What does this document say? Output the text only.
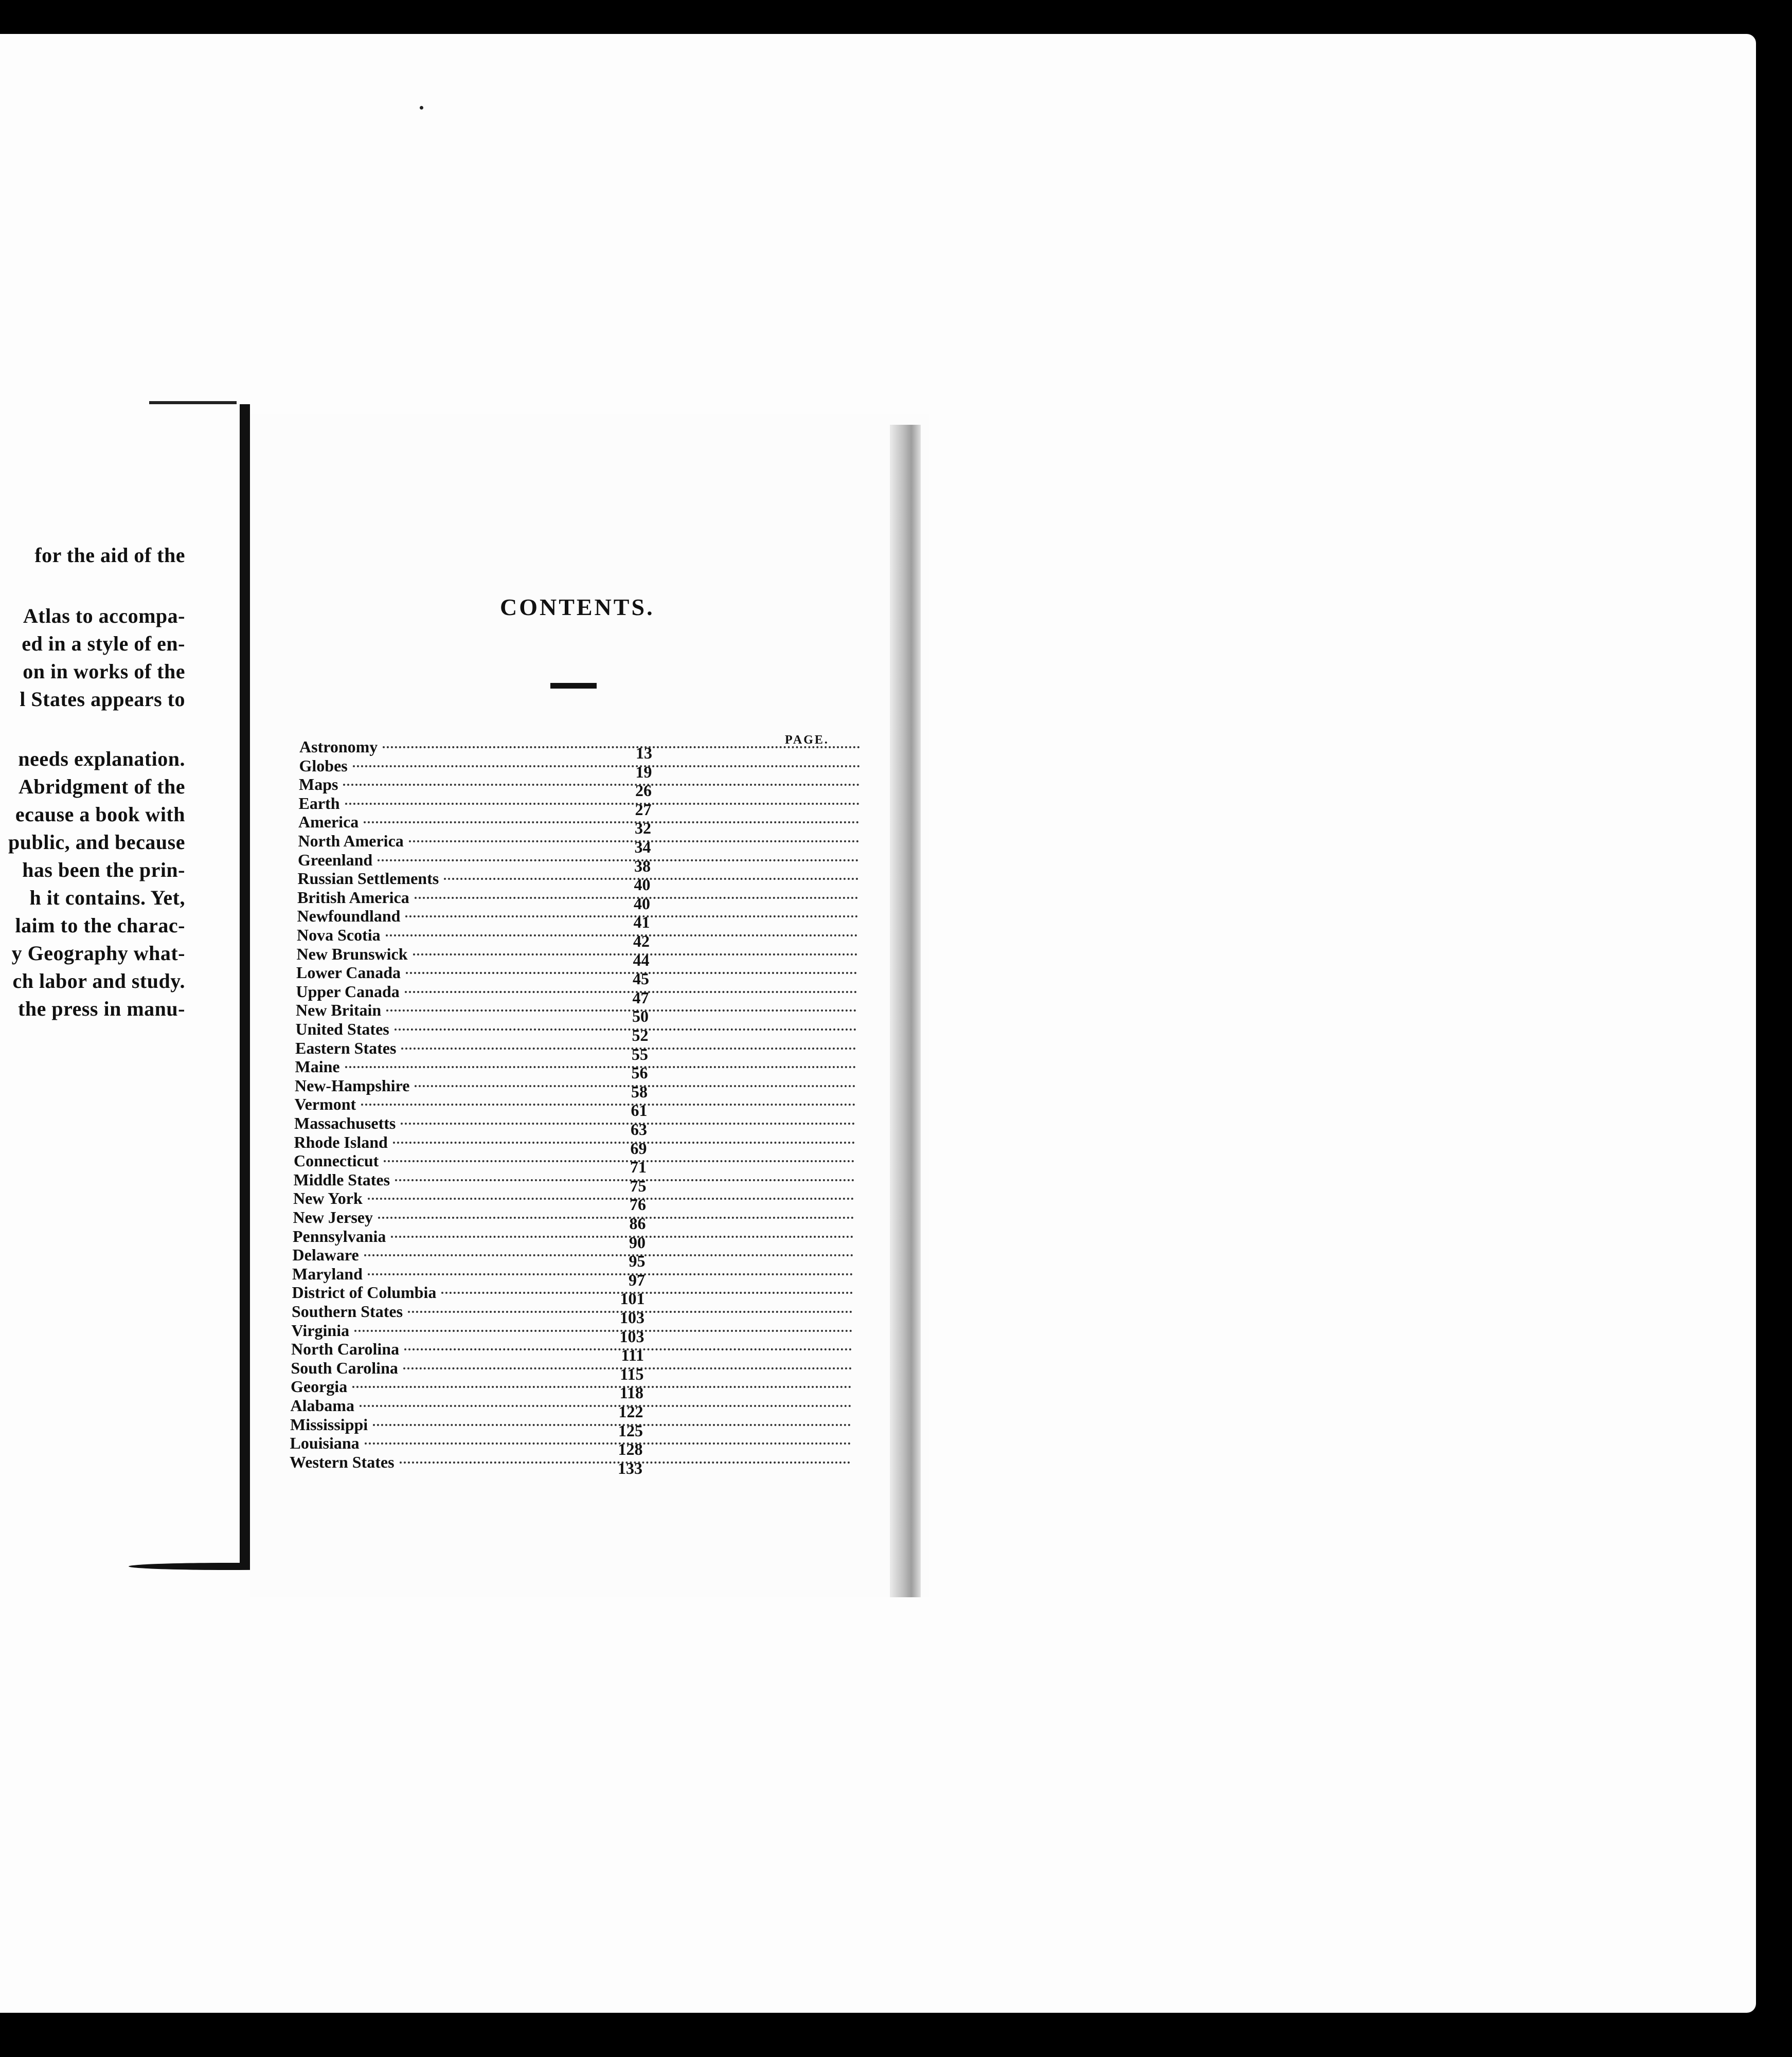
for the aid of the
Atlas to accompa-
ed in a style of en-
on in works of the
l States appears to
needs explanation.
Abridgment of the
ecause a book with
public, and because
has been the prin-
h it contains. Yet,
laim to the charac-
y Geography what-
ch labor and study.
the press in manu-
CONTENTS.
PAGE.
Astronomy	13
Globes	19
Maps	26
Earth	27
America	32
North America	34
Greenland	38
Russian Settlements	40
British America	40
Newfoundland	41
Nova Scotia	42
New Brunswick	44
Lower Canada	45
Upper Canada	47
New Britain	50
United States	52
Eastern States	55
Maine	56
New-Hampshire	58
Vermont	61
Massachusetts	63
Rhode Island	69
Connecticut	71
Middle States	75
New York	76
New Jersey	86
Pennsylvania	90
Delaware	95
Maryland	97
District of Columbia	101
Southern States	103
Virginia	103
North Carolina	111
South Carolina	115
Georgia	118
Alabama	122
Mississippi	125
Louisiana	128
Western States	133
